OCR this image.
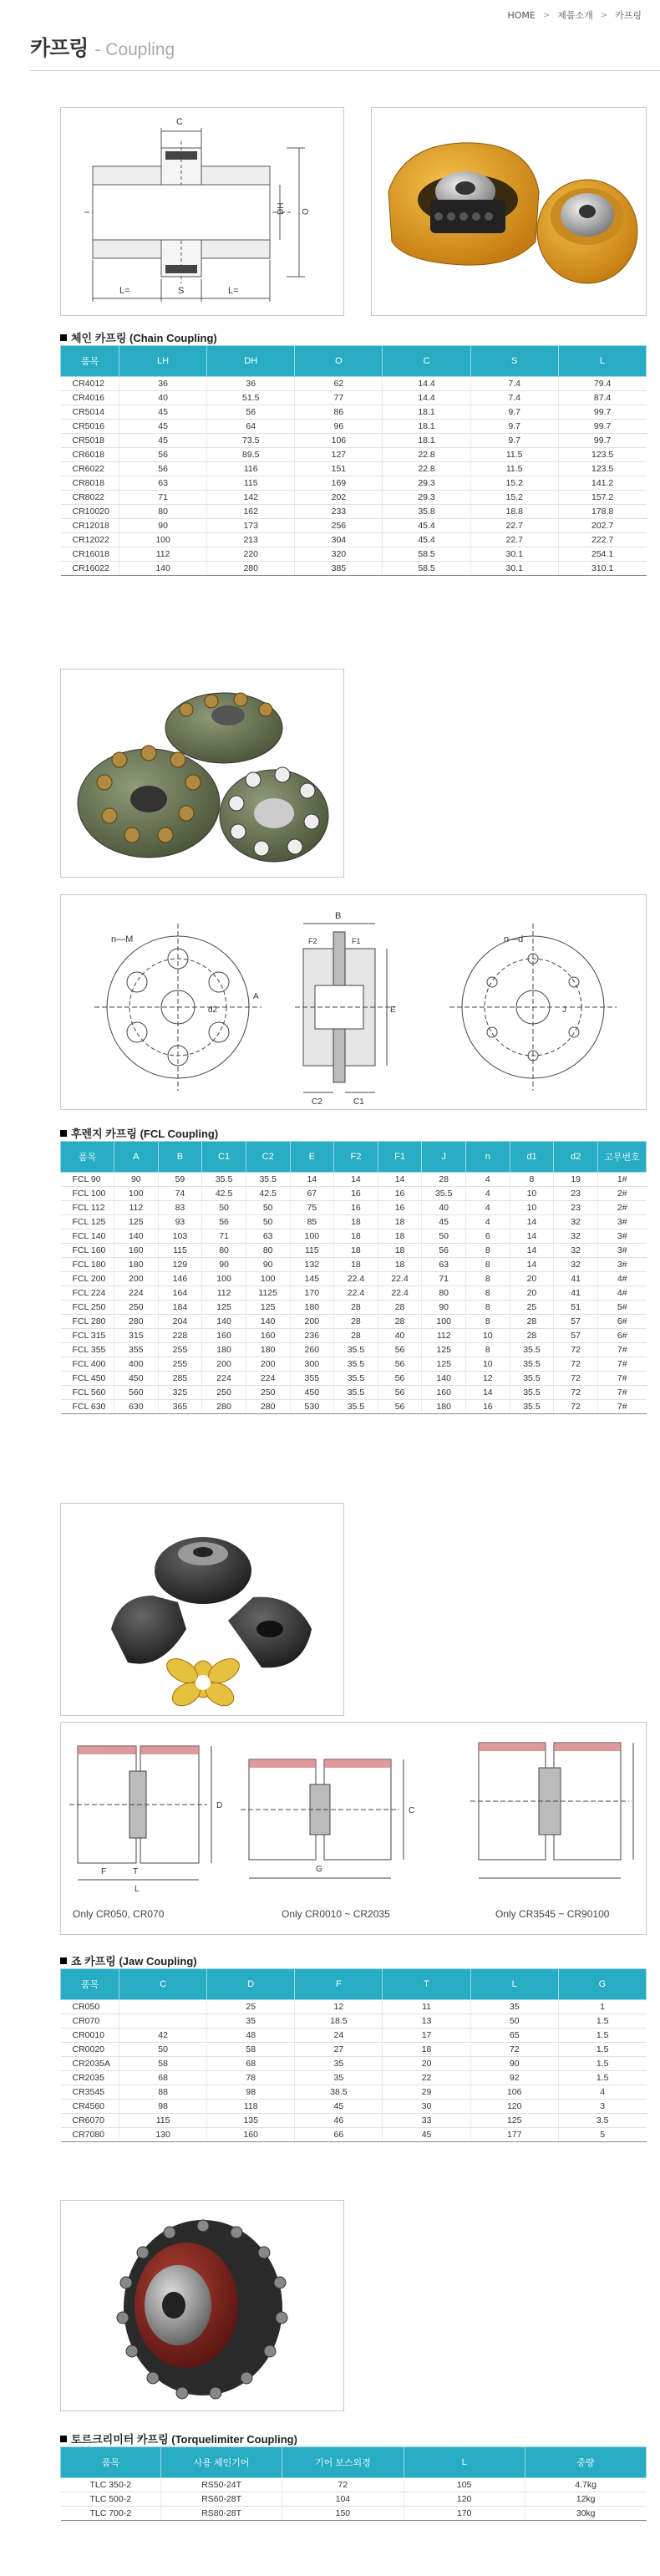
HOME > 제품소개 > 카프링
카프링 - Coupling
C
S
L=	L=
DH O
체인 카프링 (Chain Coupling)
품목	LH	DH	O	C	S	L
CR4012	36	36	62	14.4	7.4	79.4
CR4016	40	51.5	77	14.4	7.4	87.4
CR5014	45	56	86	18.1	9.7	99.7
CR5016	45	64	96	18.1	9.7	99.7
CR5018	45	73.5	106	18.1	9.7	99.7
CR6018	56	89.5	127	22.8	11.5	123.5
CR6022	56	116	151	22.8	11.5	123.5
CR8018	63	115	169	29.3	15.2	141.2
CR8022	71	142	202	29.3	15.2	157.2
CR10020	80	162	233	35.8	18.8	178.8
CR12018	90	173	256	45.4	22.7	202.7
CR12022	100	213	304	45.4	22.7	222.7
CR16018	112	220	320	58.5	30.1	254.1
CR16022	140	280	385	58.5	30.1	310.1
n—M
d2
A
B
C2	C1
E
F2	F1	n—d
J
후렌지 카프링 (FCL Coupling)
품목	A	B	C1	C2	E	F2	F1	J	n	d1	d2	고무번호
FCL 90	90	59	35.5	35.5	14	14	14	28	4	8	19	1#
FCL 100	100	74	42.5	42.5	67	16	16	35.5	4	10	23	2#
FCL 112	112	83	50	50	75	16	16	40	4	10	23	2#
FCL 125	125	93	56	50	85	18	18	45	4	14	32	3#
FCL 140	140	103	71	63	100	18	18	50	6	14	32	3#
FCL 160	160	115	80	80	115	18	18	56	8	14	32	3#
FCL 180	180	129	90	90	132	18	18	63	8	14	32	3#
FCL 200	200	146	100	100	145	22.4	22.4	71	8	20	41	4#
FCL 224	224	164	112	1125	170	22.4	22.4	80	8	20	41	4#
FCL 250	250	184	125	125	180	28	28	90	8	25	51	5#
FCL 280	280	204	140	140	200	28	28	100	8	28	57	6#
FCL 315	315	228	160	160	236	28	40	112	10	28	57	6#
FCL 355	355	255	180	180	260	35.5	56	125	8	35.5	72	7#
FCL 400	400	255	200	200	300	35.5	56	125	10	35.5	72	7#
FCL 450	450	285	224	224	355	35.5	56	140	12	35.5	72	7#
FCL 560	560	325	250	250	450	35.5	56	160	14	35.5	72	7#
FCL 630	630	365	280	280	530	35.5	56	180	16	35.5	72	7#
F	T
L
D
C
G
Only CR050, CR070	Only CR0010 ~ CR2035	Only CR3545 ~ CR90100
죠 카프링 (Jaw Coupling)
품목	C	D	F	T	L	G
CR050		25	12	11	35	1
CR070		35	18.5	13	50	1.5
CR0010	42	48	24	17	65	1.5
CR0020	50	58	27	18	72	1.5
CR2035A	58	68	35	20	90	1.5
CR2035	68	78	35	22	92	1.5
CR3545	88	98	38.5	29	106	4
CR4560	98	118	45	30	120	3
CR6070	115	135	46	33	125	3.5
CR7080	130	160	66	45	177	5
토르크리미터 카프링 (Torquelimiter Coupling)
품목	사용 체인기어	기어 보스외경	L	중량
TLC 350-2	RS50-24T	72	105	4.7kg
TLC 500-2	RS60-28T	104	120	12kg
TLC 700-2	RS80-28T	150	170	30kg
